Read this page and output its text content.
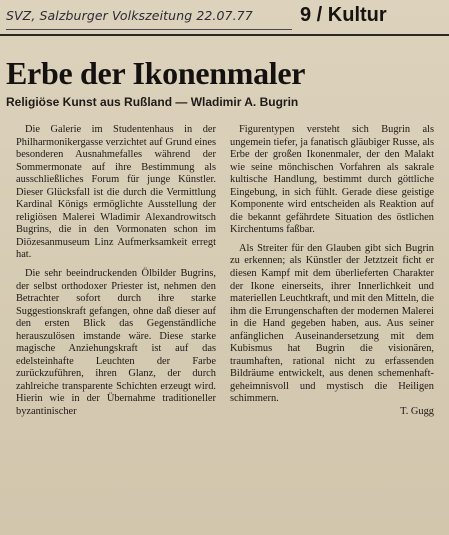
SVZ, Salzburger Volkszeitung 22.07.77	9 / Kultur
Erbe der Ikonenmaler
Religiöse Kunst aus Rußland — Wladimir A. Bugrin

Die Galerie im Studentenhaus in der Philharmonikergasse verzichtet auf Grund eines besonderen Ausnahmefalles während der Sommermonate auf ihre Bestimmung als ausschließliches Forum für junge Künstler. Dieser Glücksfall ist die durch die Vermittlung Kardinal Königs ermöglichte Ausstellung der religiösen Malerei Wladimir Alexandrowitsch Bugrins, die in den Vormonaten schon im Diözesanmuseum Linz Aufmerksamkeit erregt hat.

Die sehr beeindruckenden Ölbilder Bugrins, der selbst orthodoxer Priester ist, nehmen den Betrachter sofort durch ihre starke Suggestionskraft gefangen, ohne daß dieser auf den ersten Blick das Gegenständliche herauszulösen imstande wäre. Diese starke magische Anziehungskraft ist auf das edelsteinhafte Leuchten der Farbe zurückzuführen, ihren Glanz, der durch zahlreiche transparente Schichten erzeugt wird. Hierin wie in der Übernahme traditioneller byzantinischer

Figurentypen versteht sich Bugrin als ungemein tiefer, ja fanatisch gläubiger Russe, als Erbe der großen Ikonenmaler, der den Malakt wie seine mönchischen Vorfahren als sakrale kultische Handlung, bestimmt durch göttliche Eingebung, in sich fühlt. Gerade diese geistige Komponente wird entscheiden als Reaktion auf die bekannt gefährdete Situation des östlichen Kirchentums faßbar.

Als Streiter für den Glauben gibt sich Bugrin zu erkennen; als Künstler der Jetztzeit ficht er diesen Kampf mit dem überlieferten Charakter der Ikone einerseits, ihrer Innerlichkeit und materiellen Leuchtkraft, und mit den Mitteln, die ihm die Errungenschaften der modernen Malerei in die Hand gegeben haben, aus. Aus seiner anfänglichen Auseinandersetzung mit dem Kubismus hat Bugrin die visionären, traumhaften, rational nicht zu erfassenden Bildräume entwickelt, aus denen schemenhaft-geheimnisvoll und mystisch die Heiligen schimmern.

T. Gugg
